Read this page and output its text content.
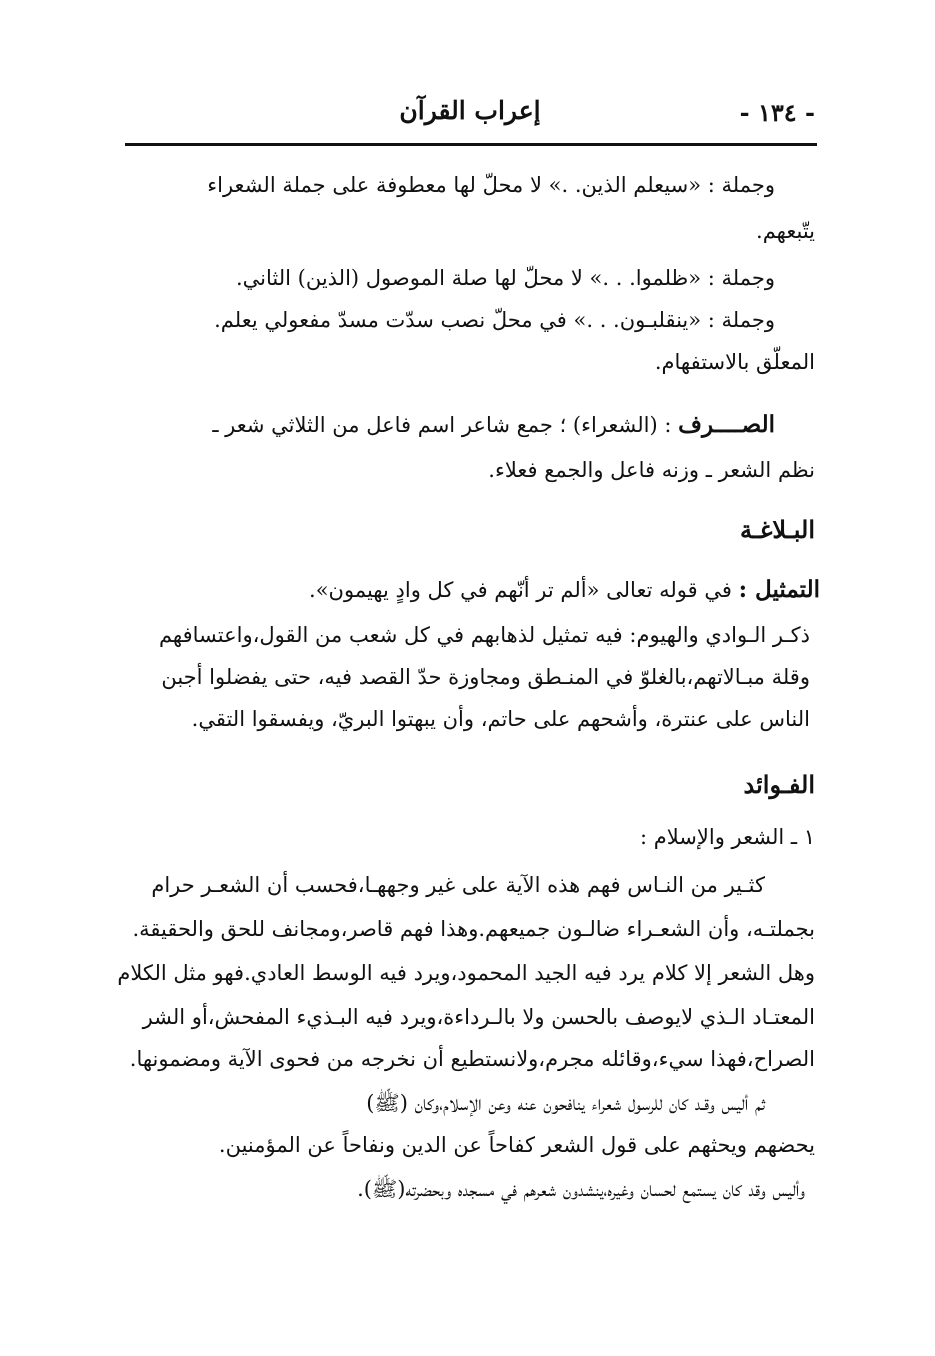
- ١٣٤ -
إعراب القرآن
وجملة : «سيعلم الذين. .» لا محلّ لها معطوفة على جملة الشعراء
يتّبعهم.
وجملة : «ظلموا. . .» لا محلّ لها صلة الموصول (الذين) الثاني.
وجملة : «ينقلبـون. . .» في محلّ نصب سدّت مسدّ مفعولي يعلم.
المعلّق بالاستفهام.
الصــــرف : (الشعراء) ؛ جمع شاعر اسم فاعل من الثلاثي شعر ـ
نظم الشعر ـ وزنه فاعل والجمع فعلاء.
البـلاغـة
التمثيل : في قوله تعالى «ألم تر أنّهم في كل وادٍ يهيمون».
ذكـر الـوادي والهيوم: فيه تمثيل لذهابهم في كل شعب من القول،واعتسافهم
وقلة مبـالاتهم،بالغلوّ في المنـطق ومجاوزة حدّ القصد فيه، حتى يفضلوا أجبن
الناس على عنترة، وأشحهم على حاتم، وأن يبهتوا البريّ، ويفسقوا التقي.
الفـوائد
١ ـ الشعر والإسلام :
كثـير من النـاس فهم هذه الآية على غير وجههـا،فحسب أن الشعـر حرام
بجملتـه، وأن الشعـراء ضالـون جميعهم.وهذا فهم قاصر،ومجانف للحق والحقيقة.
وهل الشعر إلا كلام يرد فيه الجيد المحمود،ويرد فيه الوسط العادي.فهو مثل الكلام
المعتـاد الـذي لايوصف بالحسن ولا بالـرداءة،ويرد فيه البـذيء المفحش،أو الشر
الصراح،فهذا سيء،وقائله مجرم،ولانستطيع أن نخرجه من فحوى الآية ومضمونها.
ثم أليس وقـد كان للرسول شعراء ينافحون عنه وعن الإسلام،وكان (ﷺ)
يحضهم ويحثهم على قول الشعر كفاحاً عن الدين ونفاحاً عن المؤمنين.
وأليس وقد كان يستمع لحسان وغيره،ينشدون شعرهم في مسجده وبحضرته(ﷺ).
